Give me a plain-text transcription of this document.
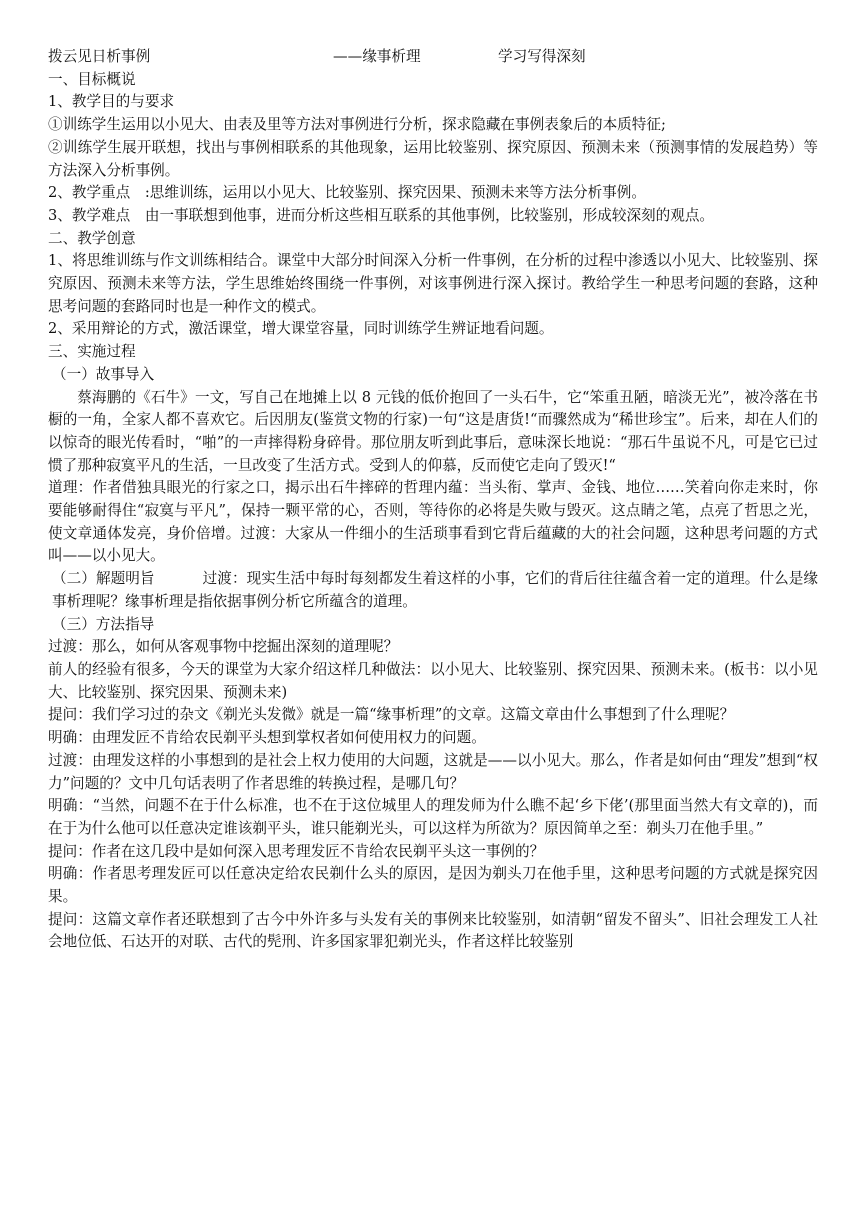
拨云见日析事例	——缘事析理	学习写得深刻

一、目标概说

1、教学目的与要求

①训练学生运用以小见大、由表及里等方法对事例进行分析，探求隐藏在事例表象后的本质特征;

②训练学生展开联想，找出与事例相联系的其他现象，运用比较鉴别、探究原因、预测未来（预测事情的发展趋势）等方法深入分析事例。

2、教学重点　:思维训练，运用以小见大、比较鉴别、探究因果、预测未来等方法分析事例。

3、教学难点　由一事联想到他事，进而分析这些相互联系的其他事例，比较鉴别，形成较深刻的观点。

二、教学创意

1、将思维训练与作文训练相结合。课堂中大部分时间深入分析一件事例，在分析的过程中渗透以小见大、比较鉴别、探究原因、预测未来等方法，学生思维始终围绕一件事例，对该事例进行深入探讨。教给学生一种思考问题的套路，这种思考问题的套路同时也是一种作文的模式。

2、采用辩论的方式，激活课堂，增大课堂容量，同时训练学生辨证地看问题。

三、实施过程

（一）故事导入

蔡海鹏的《石牛》一文，写自己在地摊上以 8 元钱的低价抱回了一头石牛，它“笨重丑陋，暗淡无光”，被冷落在书橱的一角，全家人都不喜欢它。后因朋友(鉴赏文物的行家)一句“这是唐货!“而骤然成为“稀世珍宝”。后来，却在人们的以惊奇的眼光传看时，“啪”的一声摔得粉身碎骨。那位朋友听到此事后，意味深长地说：“那石牛虽说不凡，可是它已过惯了那种寂寞平凡的生活，一旦改变了生活方式。受到人的仰慕，反而使它走向了毁灭!“

道理：作者借独具眼光的行家之口，揭示出石牛摔碎的哲理内蕴：当头衔、掌声、金钱、地位……笑着向你走来时，你要能够耐得住“寂寞与平凡”，保持一颗平常的心，否则，等待你的必将是失败与毁灭。这点睛之笔，点亮了哲思之光，使文章通体发亮，身价倍增。过渡：大家从一件细小的生活琐事看到它背后蕴藏的大的社会问题，这种思考问题的方式叫——以小见大。

（二）解题明旨	过渡：现实生活中每时每刻都发生着这样的小事，它们的背后往往蕴含着一定的道理。什么是缘事析理呢？缘事析理是指依据事例分析它所蕴含的道理。

（三）方法指导

过渡：那么，如何从客观事物中挖掘出深刻的道理呢？

前人的经验有很多，今天的课堂为大家介绍这样几种做法：以小见大、比较鉴别、探究因果、预测未来。(板书：以小见大、比较鉴别、探究因果、预测未来)

提问：我们学习过的杂文《剃光头发微》就是一篇“缘事析理”的文章。这篇文章由什么事想到了什么理呢？

明确：由理发匠不肯给农民剃平头想到掌权者如何使用权力的问题。

过渡：由理发这样的小事想到的是社会上权力使用的大问题，这就是——以小见大。那么，作者是如何由“理发”想到“权力”问题的？文中几句话表明了作者思维的转换过程，是哪几句？

明确：“当然，问题不在于什么标准，也不在于这位城里人的理发师为什么瞧不起‘乡下佬’(那里面当然大有文章的)，而在于为什么他可以任意决定谁该剃平头，谁只能剃光头，可以这样为所欲为？原因简单之至：剃头刀在他手里。”

提问：作者在这几段中是如何深入思考理发匠不肯给农民剃平头这一事例的？

明确：作者思考理发匠可以任意决定给农民剃什么头的原因，是因为剃头刀在他手里，这种思考问题的方式就是探究因果。

提问：这篇文章作者还联想到了古今中外许多与头发有关的事例来比较鉴别，如清朝“留发不留头”、旧社会理发工人社会地位低、石达开的对联、古代的髡刑、许多国家罪犯剃光头，作者这样比较鉴别
